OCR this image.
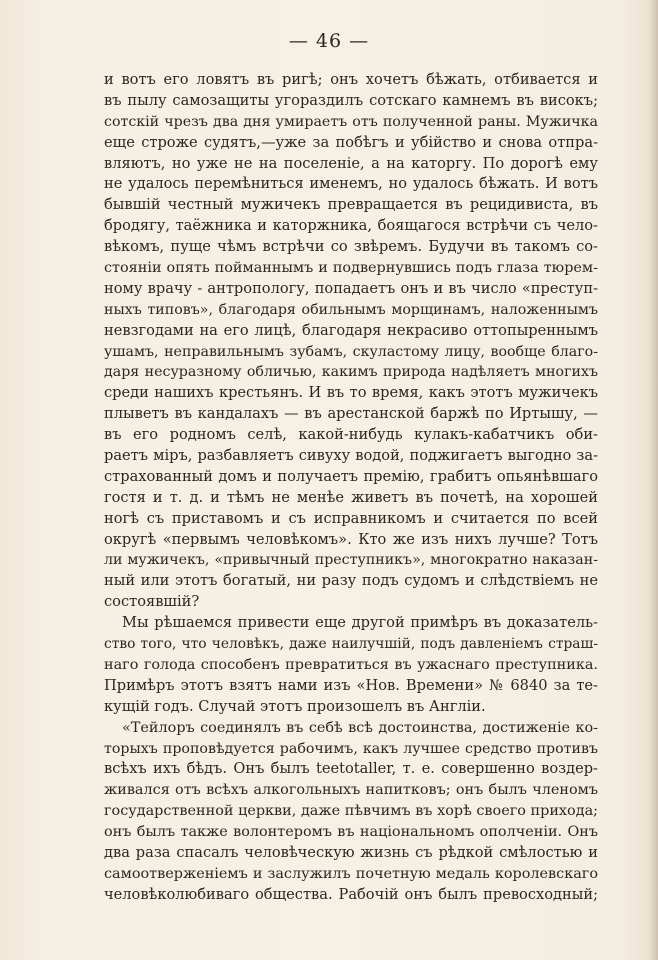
— 46 —
и вотъ его ловятъ въ ригѣ; онъ хочетъ бѣжать, отбивается и
въ пылу самозащиты угораздилъ сотскаго камнемъ въ високъ;
сотскій чрезъ два дня умираетъ отъ полученной раны. Мужичка
еще строже судятъ,—уже за побѣгъ и убійство и снова отпра-
вляютъ, но уже не на поселеніе, а на каторгу. По дорогѣ ему
не удалось перемѣниться именемъ, но удалось бѣжать. И вотъ
бывшій честный мужичекъ превращается въ рецидивиста, въ
бродягу, таёжника и каторжника, боящагося встрѣчи съ чело-
вѣкомъ, пуще чѣмъ встрѣчи со звѣремъ. Будучи въ такомъ со-
стояніи опять пойманнымъ и подвернувшись подъ глаза тюрем-
ному врачу - антропологу, попадаетъ онъ и въ число «преступ-
ныхъ типовъ», благодаря обильнымъ морщинамъ, наложеннымъ
невзгодами на его лицѣ, благодаря некрасиво оттопыреннымъ
ушамъ, неправильнымъ зубамъ, скуластому лицу, вообще благо-
даря несуразному обличью, какимъ природа надѣляетъ многихъ
среди нашихъ крестьянъ. И въ то время, какъ этотъ мужичекъ
плыветъ въ кандалахъ — въ арестанской баржѣ по Иртышу, —
въ его родномъ селѣ, какой-нибудь кулакъ-кабатчикъ оби-
раетъ міръ, разбавляетъ сивуху водой, поджигаетъ выгодно за-
страхованный домъ и получаетъ премію, грабитъ опьянѣвшаго
гостя и т. д. и тѣмъ не менѣе живетъ въ почетѣ, на хорошей
ногѣ съ приставомъ и съ исправникомъ и считается по всей
округѣ «первымъ человѣкомъ». Кто же изъ нихъ лучше? Тотъ
ли мужичекъ, «привычный преступникъ», многократно наказан-
ный или этотъ богатый, ни разу подъ судомъ и слѣдствіемъ не
состоявшій?
Мы рѣшаемся привести еще другой примѣръ въ доказатель-
ство того, что человѣкъ, даже наилучшій, подъ давленіемъ страш-
наго голода способенъ превратиться въ ужаснаго преступника.
Примѣръ этотъ взятъ нами изъ «Нов. Времени» № 6840 за те-
кущій годъ. Случай этотъ произошелъ въ Англіи.
«Тейлоръ соединялъ въ себѣ всѣ достоинства, достиженіе ко-
торыхъ проповѣдуется рабочимъ, какъ лучшее средство противъ
всѣхъ ихъ бѣдъ. Онъ былъ teetotaller, т. е. совершенно воздер-
живался отъ всѣхъ алкогольныхъ напитковъ; онъ былъ членомъ
государственной церкви, даже пѣвчимъ въ хорѣ своего прихода;
онъ былъ также волонтеромъ въ національномъ ополченіи. Онъ
два раза спасалъ человѣческую жизнь съ рѣдкой смѣлостью и
самоотверженіемъ и заслужилъ почетную медаль королевскаго
человѣколюбиваго общества. Рабочій онъ былъ превосходный;
